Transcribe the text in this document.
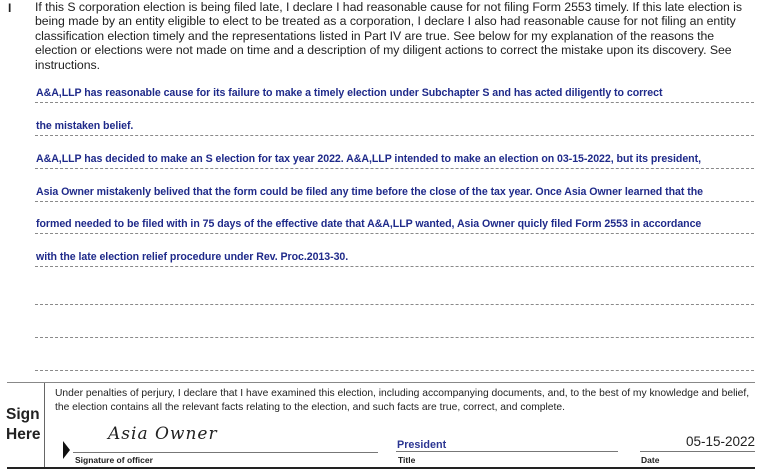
I If this S corporation election is being filed late, I declare I had reasonable cause for not filing Form 2553 timely. If this late election is being made by an entity eligible to elect to be treated as a corporation, I declare I also had reasonable cause for not filing an entity classification election timely and the representations listed in Part IV are true. See below for my explanation of the reasons the election or elections were not made on time and a description of my diligent actions to correct the mistake upon its discovery. See instructions.
A&A,LLP has reasonable cause for its failure to make a timely election under Subchapter S and has acted diligently to correct
the mistaken belief.
A&A,LLP has decided to make an S election for tax year 2022. A&A,LLP intended to make an election on 03-15-2022, but its president,
Asia Owner mistakenly belived that the form could be filed any time before the close of the tax year. Once Asia Owner learned that the
formed needed to be filed with in 75 days of the effective date that A&A,LLP wanted, Asia Owner quicly filed Form 2553 in accordance
with the late election relief procedure under Rev. Proc.2013-30.
Sign
Here
Under penalties of perjury, I declare that I have examined this election, including accompanying documents, and, to the best of my knowledge and belief, the election contains all the relevant facts relating to the election, and such facts are true, correct, and complete.
Asia Owner
Signature of officer
President
Title
05-15-2022
Date
